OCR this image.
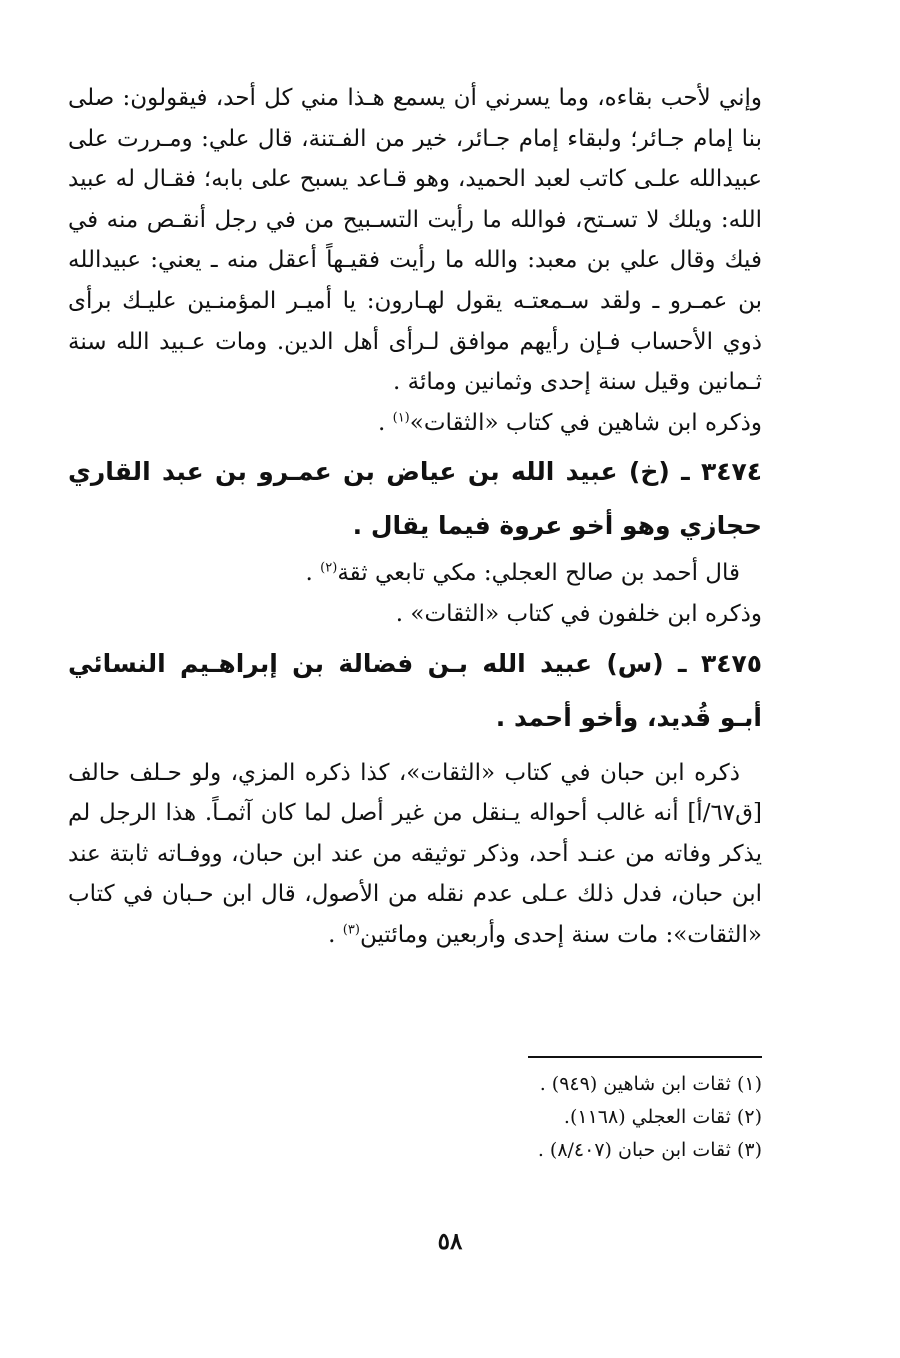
وإني لأحب بقاءه، وما يسرني أن يسمع هـذا مني كل أحد، فيقولون: صلى بنا إمام جـائر؛ ولبقاء إمام جـائر، خير من الفـتنة، قال علي: ومـررت على عبيدالله علـى كاتب لعبد الحميد، وهو قـاعد يسبح على بابه؛ فقـال له عبيد الله: ويلك لا تسـتح، فوالله ما رأيت التسـبيح من في رجل أنقـص منه في فيك وقال علي بن معبد: والله ما رأيت فقيـهاً أعقل منه ـ يعني: عبيدالله بن عمـرو ـ ولقد سـمعتـه يقول لهـارون: يا أميـر المؤمنـين عليـك برأى ذوي الأحساب فـإن رأيهم موافق لـرأى أهل الدين. ومات عـبيد الله سنة ثـمانين وقيل سنة إحدى وثمانين ومائة .

وذكره ابن شاهين في كتاب «الثقات»$^{(١)}$ .

٣٤٧٤ ـ (خ) عبيد الله بن عياض بن عمـرو بن عبد القاري حجازي وهو أخو عروة فيما يقال .

قال أحمد بن صالح العجلي: مكي تابعي ثقة$^{(٢)}$ .

وذكره ابن خلفون في كتاب «الثقات» .

٣٤٧٥ ـ (س) عبيد الله بـن فضالة بن إبراهـيم النسائي أبـو قُديد، وأخو أحمد .

ذكره ابن حبان في كتاب «الثقات»، كذا ذكره المزي، ولو حـلف حالف [ق٦٧/أ] أنه غالب أحواله يـنقل من غير أصل لما كان آثمـاً. هذا الرجل لم يذكر وفاته من عنـد أحد، وذكر توثيقه من عند ابن حبان، ووفـاته ثابتة عند ابن حبان، فدل ذلك عـلى عدم نقله من الأصول، قال ابن حـبان في كتاب «الثقات»: مات سنة إحدى وأربعين ومائتين$^{(٣)}$ .

(١) ثقات ابن شاهين (٩٤٩) .

(٢) ثقات العجلي (١١٦٨).

(٣) ثقات ابن حبان (٨/٤٠٧) .

٥٨
